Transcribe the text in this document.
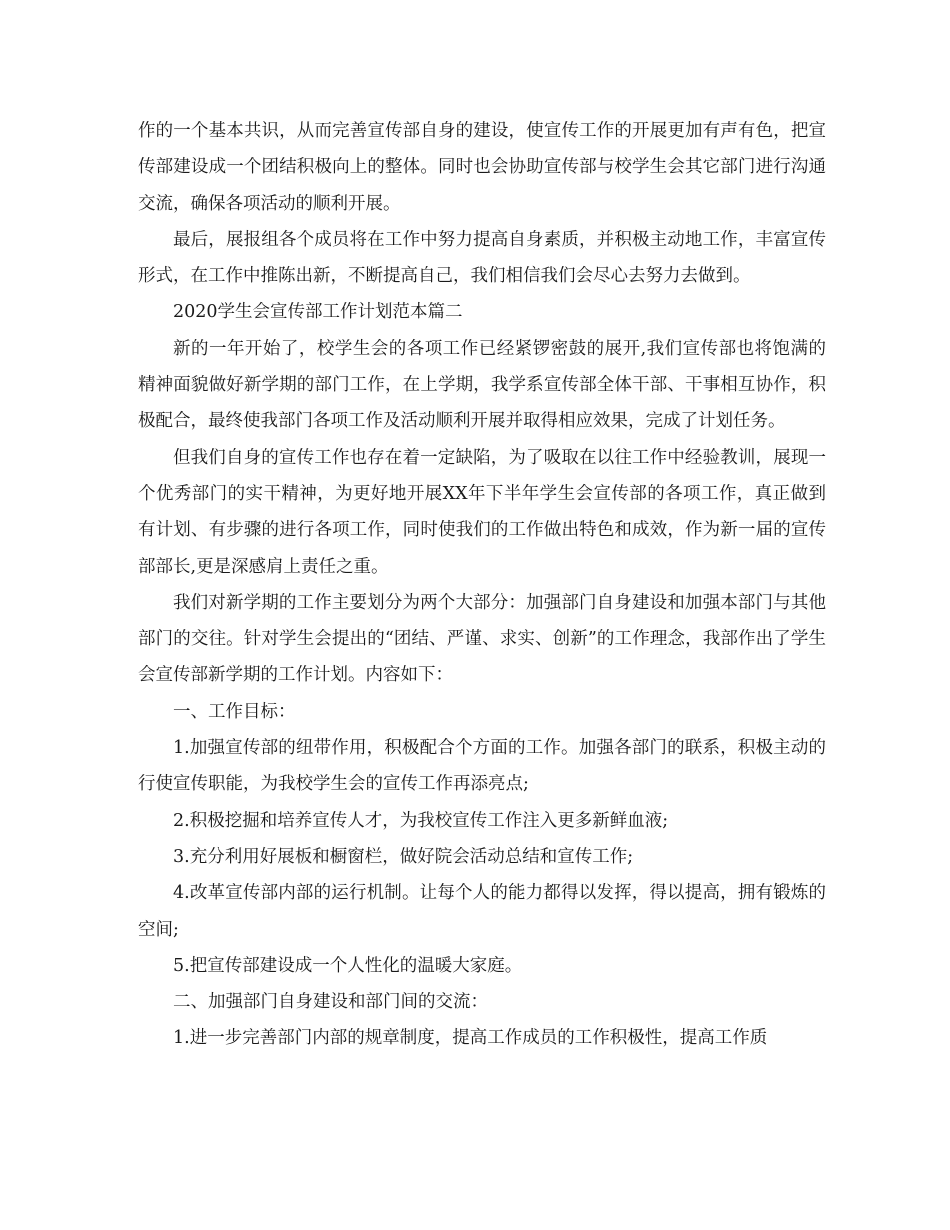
作的一个基本共识，从而完善宣传部自身的建设，使宣传工作的开展更加有声有色，把宣传部建设成一个团结积极向上的整体。同时也会协助宣传部与校学生会其它部门进行沟通交流，确保各项活动的顺利开展。

最后，展报组各个成员将在工作中努力提高自身素质，并积极主动地工作，丰富宣传形式，在工作中推陈出新，不断提高自己，我们相信我们会尽心去努力去做到。

2020学生会宣传部工作计划范本篇二

新的一年开始了，校学生会的各项工作已经紧锣密鼓的展开,我们宣传部也将饱满的精神面貌做好新学期的部门工作，在上学期，我学系宣传部全体干部、干事相互协作，积极配合，最终使我部门各项工作及活动顺利开展并取得相应效果，完成了计划任务。

但我们自身的宣传工作也存在着一定缺陷，为了吸取在以往工作中经验教训，展现一个优秀部门的实干精神，为更好地开展XX年下半年学生会宣传部的各项工作，真正做到有计划、有步骤的进行各项工作，同时使我们的工作做出特色和成效，作为新一届的宣传部部长,更是深感肩上责任之重。

我们对新学期的工作主要划分为两个大部分：加强部门自身建设和加强本部门与其他部门的交往。针对学生会提出的“团结、严谨、求实、创新”的工作理念，我部作出了学生会宣传部新学期的工作计划。内容如下：

一、工作目标：

1.加强宣传部的纽带作用，积极配合个方面的工作。加强各部门的联系，积极主动的行使宣传职能，为我校学生会的宣传工作再添亮点;

2.积极挖掘和培养宣传人才，为我校宣传工作注入更多新鲜血液;

3.充分利用好展板和橱窗栏，做好院会活动总结和宣传工作;

4.改革宣传部内部的运行机制。让每个人的能力都得以发挥，得以提高，拥有锻炼的空间;

5.把宣传部建设成一个人性化的温暖大家庭。

二、加强部门自身建设和部门间的交流：

1.进一步完善部门内部的规章制度，提高工作成员的工作积极性，提高工作质
